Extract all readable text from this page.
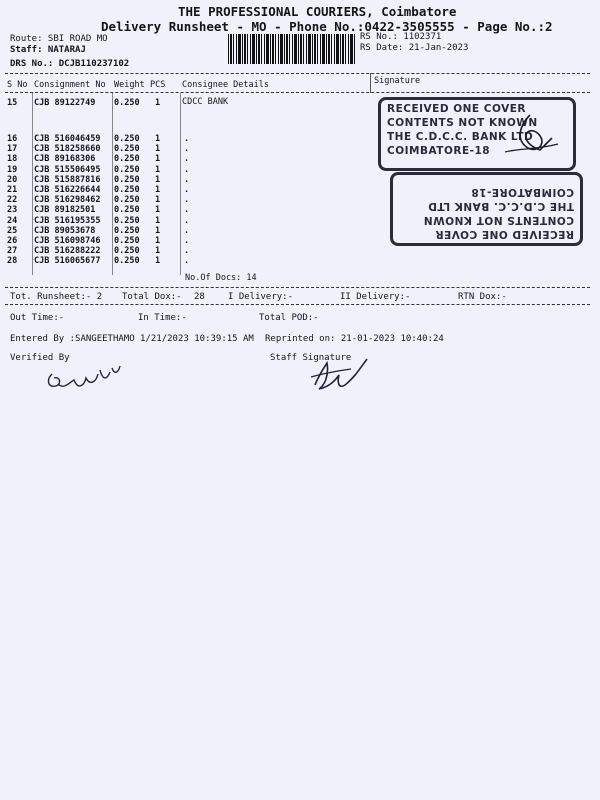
THE PROFESSIONAL COURIERS, Coimbatore
Delivery Runsheet - MO - Phone No.:0422-3505555 - Page No.:2
Route: SBI ROAD MO
Staff: NATARAJ
DRS No.: DCJB110237102
RS No.: 1102371
RS Date: 21-Jan-2023
S No Consignment No Weight PCS Consignee Details	Signature
15 CJB 89122749 0.250 1	CDCC BANK
16 CJB 516046459 0.250 1	.
17 CJB 518258660 0.250 1	.
18 CJB 89168306 0.250 1	.
19 CJB 515506495 0.250 1	.
20 CJB 515887816 0.250 1	.
21 CJB 516226644 0.250 1	.
22 CJB 516298462 0.250 1	.
23 CJB 89182501 0.250 1	.
24 CJB 516195355 0.250 1	.
25 CJB 89053678 0.250 1	.
26 CJB 516098746 0.250 1	.
27 CJB 516288222 0.250 1	.
28 CJB 516065677 0.250 1	.
No.Of Docs: 14
RECEIVED ONE COVER
CONTENTS NOT KNOWN
THE C.D.C.C. BANK LTD
COIMBATORE-18
RECEIVED ONE COVER
CONTENTS NOT KNOWN
THE C.D.C.C. BANK LTD
COIMBATORE-18
Tot. Runsheet:- 2 Total Dox:- 28	I Delivery:-	II Delivery:-	RTN Dox:-
Out Time:-	In Time:-	Total POD:-
Entered By :SANGEETHAMO 1/21/2023 10:39:15 AM Reprinted on: 21-01-2023 10:40:24
Verified By	Staff Signature
